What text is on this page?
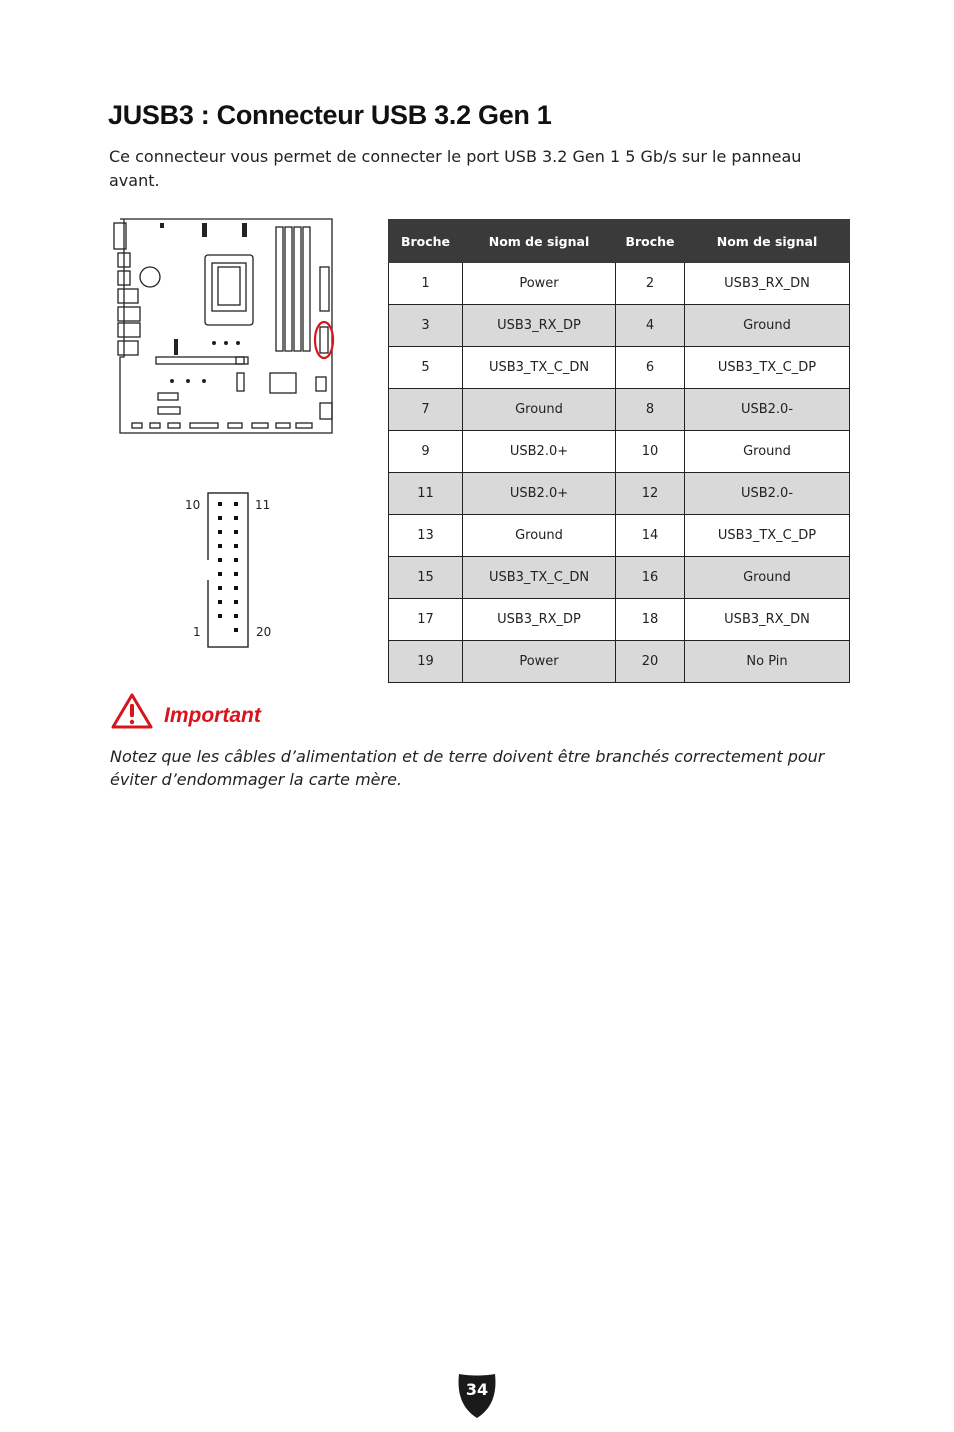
JUSB3 : Connecteur USB 3.2 Gen 1

Ce connecteur vous permet de connecter le port USB 3.2 Gen 1 5 Gb/s sur le panneau avant.

10	11
1	20
Broche	Nom de signal	Broche	Nom de signal
1	Power	2	USB3_RX_DN
3	USB3_RX_DP	4	Ground
5	USB3_TX_C_DN	6	USB3_TX_C_DP
7	Ground	8	USB2.0-
9	USB2.0+	10	Ground
11	USB2.0+	12	USB2.0-
13	Ground	14	USB3_TX_C_DP
15	USB3_TX_C_DN	16	Ground
17	USB3_RX_DP	18	USB3_RX_DN
19	Power	20	No Pin
Important

Notez que les câbles d’alimentation et de terre doivent être branchés correctement pour éviter d’endommager la carte mère.

34
